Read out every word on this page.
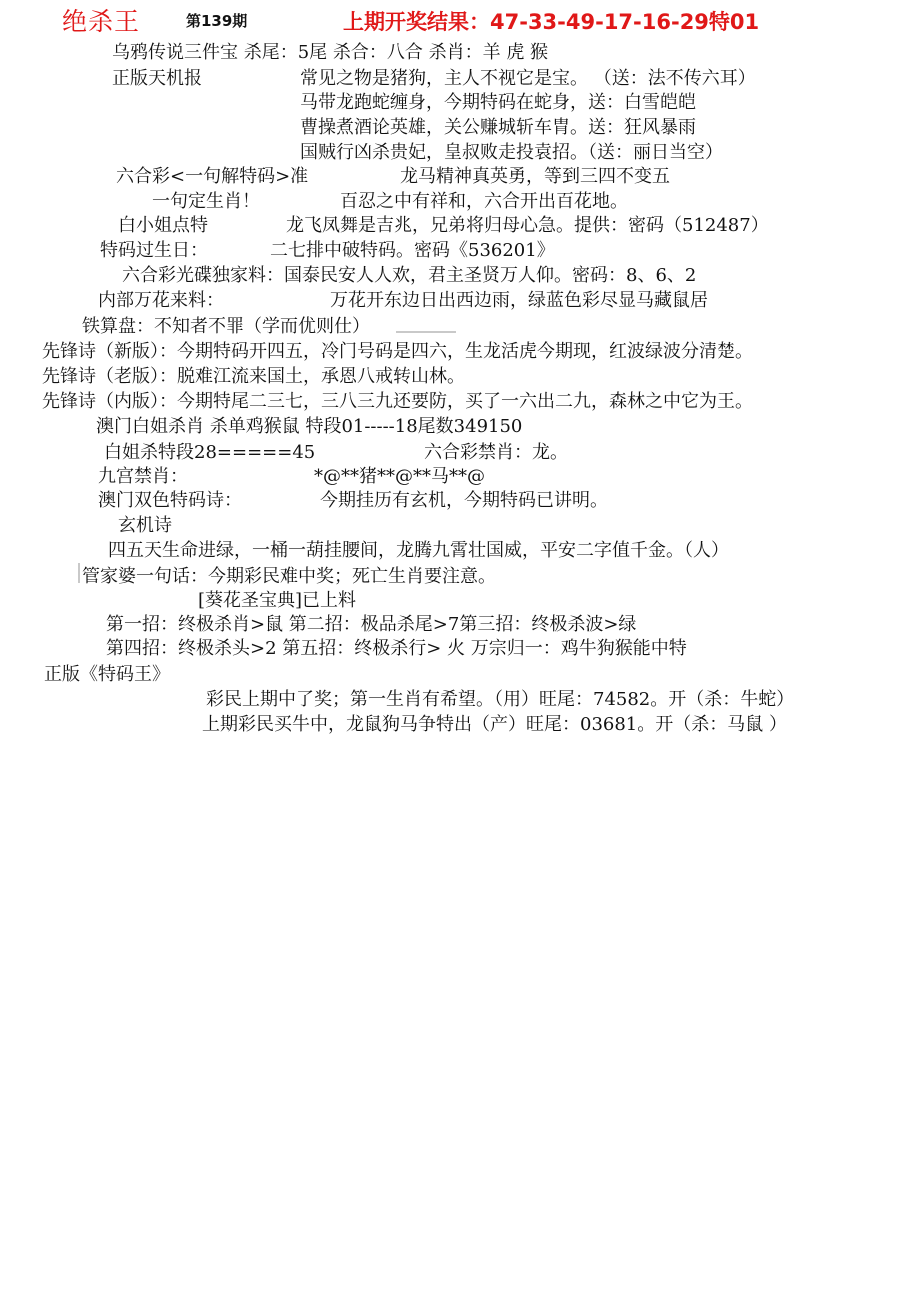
绝杀王	第139期	上期开奖结果：47-33-49-17-16-29特01
乌鸦传说三件宝 杀尾：5尾 杀合：八合 杀肖：羊 虎 猴
正版天机报	常见之物是猪狗，主人不视它是宝。 （送：法不传六耳）
马带龙跑蛇缠身，今期特码在蛇身，送：白雪皑皑
曹操煮酒论英雄，关公赚城斩车胄。送：狂风暴雨
国贼行凶杀贵妃，皇叔败走投袁招。（送：丽日当空）
六合彩<一句解特码>准	龙马精神真英勇，等到三四不变五
一句定生肖！	百忍之中有祥和，六合开出百花地。
白小姐点特	龙飞凤舞是吉兆，兄弟将归母心急。提供：密码（512487）
特码过生日：	二七排中破特码。密码《536201》
六合彩光碟独家料：国泰民安人人欢，君主圣贤万人仰。密码：8、6、2
内部万花来料：	万花开东边日出西边雨，绿蓝色彩尽显马藏鼠居
铁算盘：不知者不罪（学而优则仕）
先锋诗（新版）：今期特码开四五，冷门号码是四六，生龙活虎今期现，红波绿波分清楚。
先锋诗（老版）：脱难江流来国土，承恩八戒转山林。
先锋诗（内版）：今期特尾二三七，三八三九还要防，买了一六出二九，森林之中它为王。
澳门白姐杀肖 杀单鸡猴鼠 特段01-----18尾数349150
白姐杀特段28=====45	六合彩禁肖：龙。
九宫禁肖：	*@**猪**@**马**@
澳门双色特码诗：	今期挂历有玄机，今期特码已讲明。
玄机诗
四五天生命进绿，一桶一葫挂腰间，龙腾九霄壮国威，平安二字值千金。（人）
管家婆一句话：今期彩民难中奖；死亡生肖要注意。
[葵花圣宝典]已上料
第一招：终极杀肖>鼠 第二招：极品杀尾>7第三招：终极杀波>绿
第四招：终极杀头>2 第五招：终极杀行> 火 万宗归一：鸡牛狗猴能中特
正版《特码王》
彩民上期中了奖；第一生肖有希望。（用）旺尾：74582。开（杀：牛蛇）
上期彩民买牛中，龙鼠狗马争特出（产）旺尾：03681。开（杀：马鼠 ）
